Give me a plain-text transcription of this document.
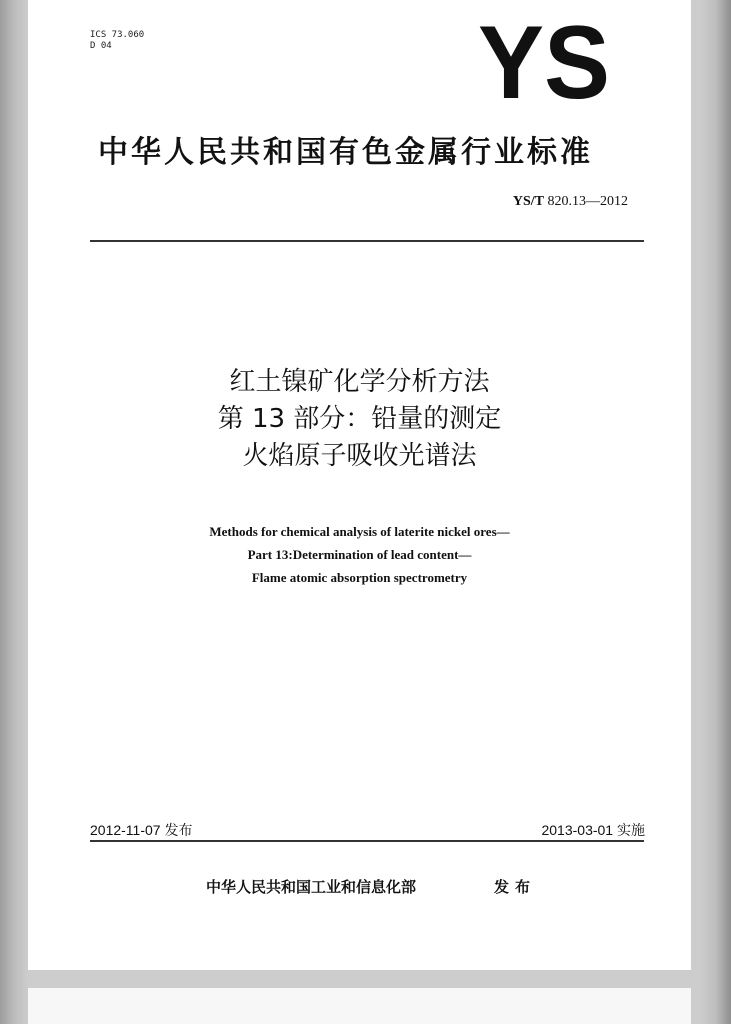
ICS 73.060
D 04	YS
中华人民共和国有色金属行业标准
YS/T 820.13—2012
红土镍矿化学分析方法
第 13 部分：铅量的测定
火焰原子吸收光谱法
Methods for chemical analysis of laterite nickel ores—
Part 13:Determination of lead content—
Flame atomic absorption spectrometry
2012-11-07 发布	2013-03-01 实施
中华人民共和国工业和信息化部	发布
